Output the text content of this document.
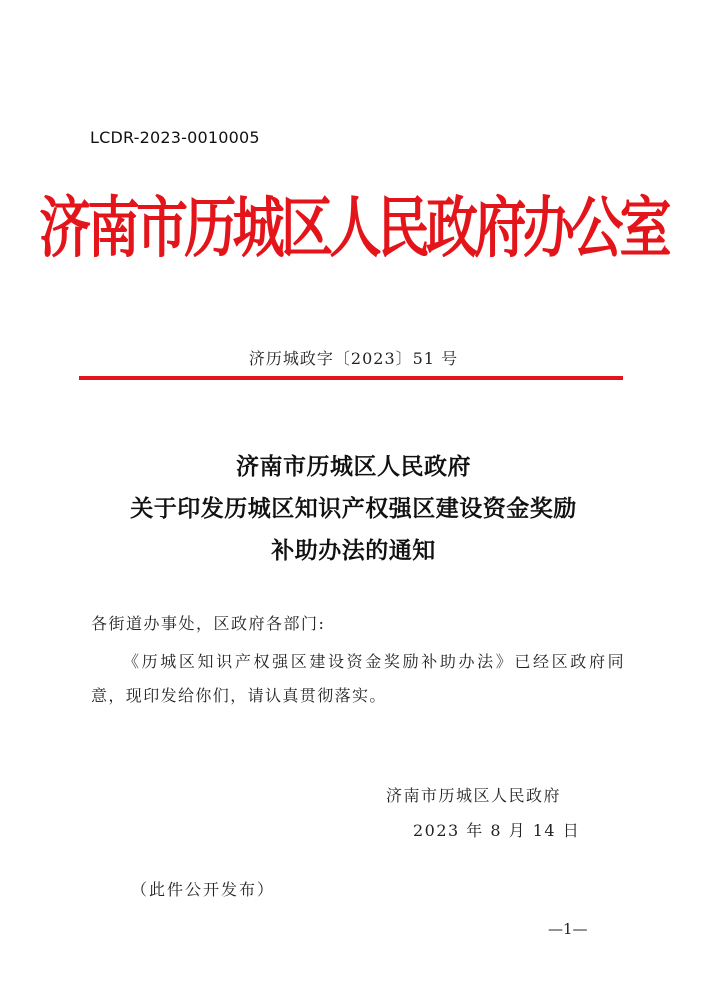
LCDR-2023-0010005
济南市历城区人民政府办公室
济历城政字〔2023〕51 号
济南市历城区人民政府
关于印发历城区知识产权强区建设资金奖励
补助办法的通知
各街道办事处，区政府各部门:
《历城区知识产权强区建设资金奖励补助办法》已经区政府同意，现印发给你们，请认真贯彻落实。
济南市历城区人民政府
2023 年 8 月 14 日
（此件公开发布）
—1—
